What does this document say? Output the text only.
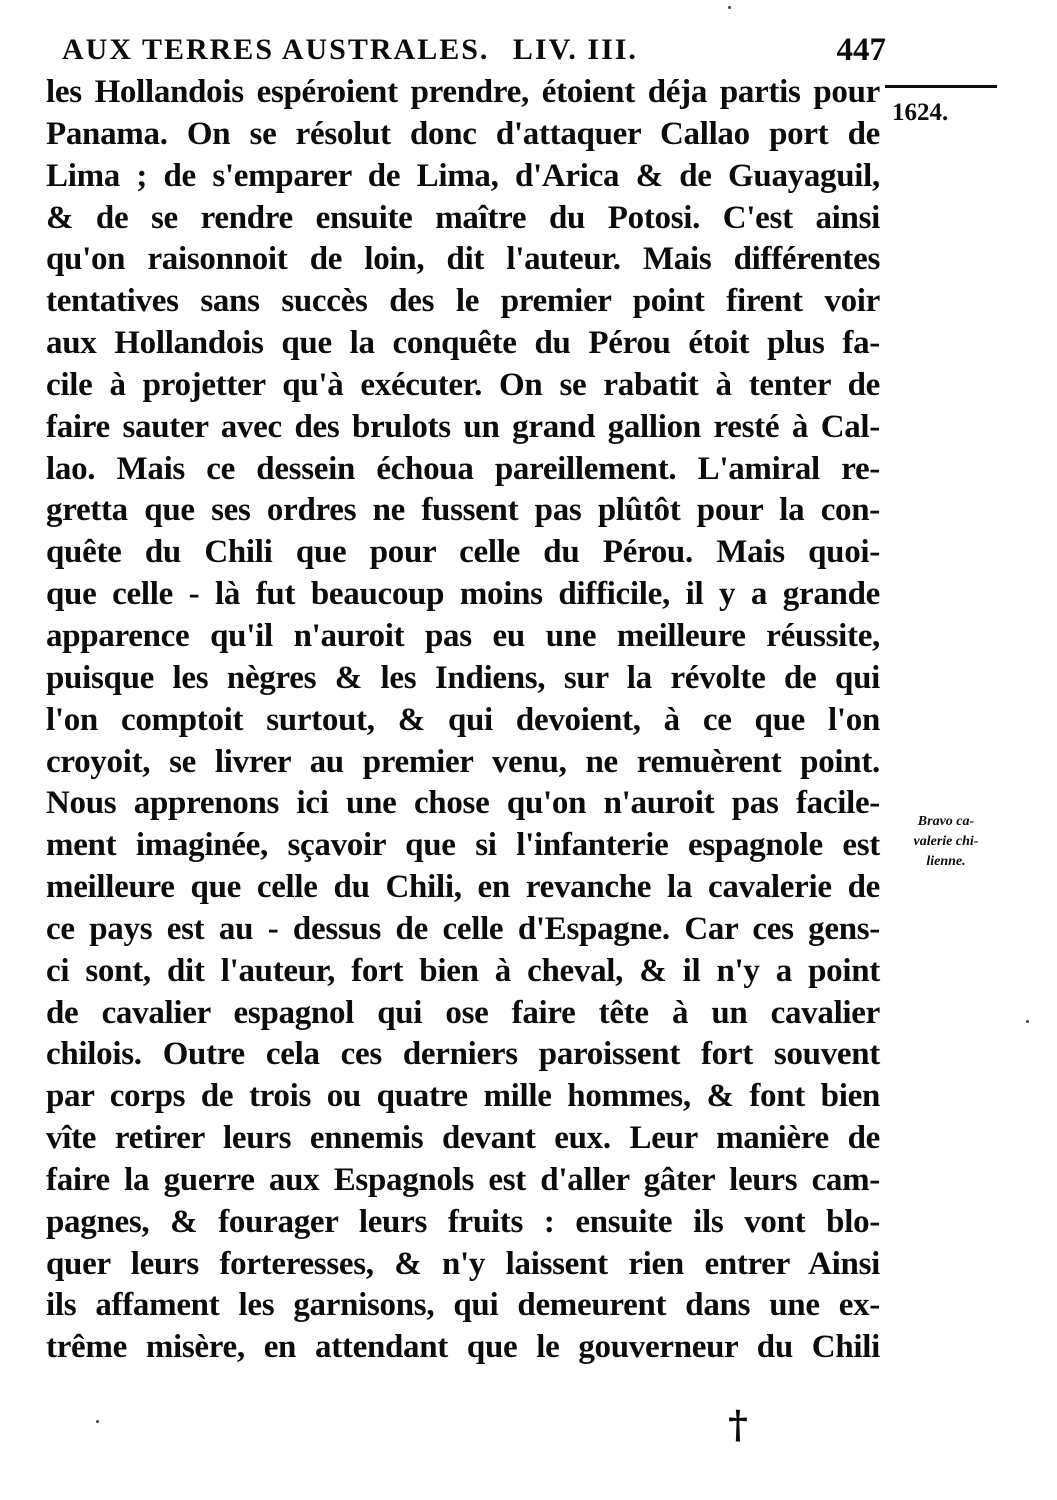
AUX TERRES AUSTRALES. LIV. III.	447
1624.
les Hollandois espéroient prendre, étoient déja partis pour
Panama. On se résolut donc d'attaquer Callao port de
Lima ; de s'emparer de Lima, d'Arica & de Guayaguil,
& de se rendre ensuite maître du Potosi. C'est ainsi
qu'on raisonnoit de loin, dit l'auteur. Mais différentes
tentatives sans succès des le premier point firent voir
aux Hollandois que la conquête du Pérou étoit plus fa-
cile à projetter qu'à exécuter. On se rabatit à tenter de
faire sauter avec des brulots un grand gallion resté à Cal-
lao. Mais ce dessein échoua pareillement. L'amiral re-
gretta que ses ordres ne fussent pas plûtôt pour la con-
quête du Chili que pour celle du Pérou. Mais quoi-
que celle - là fut beaucoup moins difficile, il y a grande
apparence qu'il n'auroit pas eu une meilleure réussite,
puisque les nègres & les Indiens, sur la révolte de qui
l'on comptoit surtout, & qui devoient, à ce que l'on
croyoit, se livrer au premier venu, ne remuèrent point.
Nous apprenons ici une chose qu'on n'auroit pas facile-
ment imaginée, sçavoir que si l'infanterie espagnole est
meilleure que celle du Chili, en revanche la cavalerie de
ce pays est au - dessus de celle d'Espagne. Car ces gens-
ci sont, dit l'auteur, fort bien à cheval, & il n'y a point
de cavalier espagnol qui ose faire tête à un cavalier
chilois. Outre cela ces derniers paroissent fort souvent
par corps de trois ou quatre mille hommes, & font bien
vîte retirer leurs ennemis devant eux. Leur manière de
faire la guerre aux Espagnols est d'aller gâter leurs cam-
pagnes, & fourager leurs fruits : ensuite ils vont blo-
quer leurs forteresses, & n'y laissent rien entrer Ainsi
ils affament les garnisons, qui demeurent dans une ex-
trême misère, en attendant que le gouverneur du Chili
Bravo ca-
valerie chi-
lienne.
†
